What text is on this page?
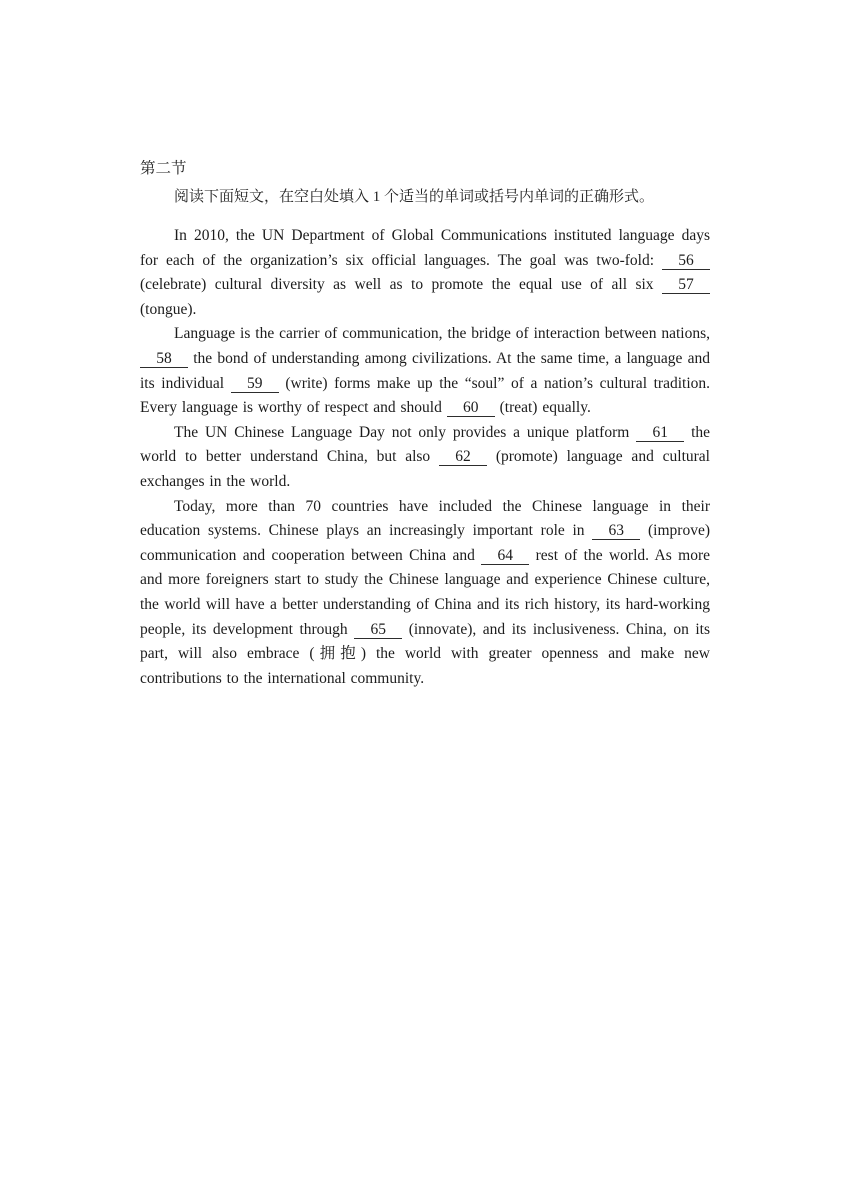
第二节
阅读下面短文，在空白处填入 1 个适当的单词或括号内单词的正确形式。

In 2010, the UN Department of Global Communications instituted language days for each of the organization’s six official languages. The goal was two-fold: 56 (celebrate) cultural diversity as well as to promote the equal use of all six 57 (tongue).

Language is the carrier of communication, the bridge of interaction between nations, 58 the bond of understanding among civilizations. At the same time, a language and its individual 59 (write) forms make up the “soul” of a nation’s cultural tradition. Every language is worthy of respect and should 60 (treat) equally.

The UN Chinese Language Day not only provides a unique platform 61 the world to better understand China, but also 62 (promote) language and cultural exchanges in the world.

Today, more than 70 countries have included the Chinese language in their education systems. Chinese plays an increasingly important role in 63 (improve) communication and cooperation between China and 64 rest of the world. As more and more foreigners start to study the Chinese language and experience Chinese culture, the world will have a better understanding of China and its rich history, its hard-working people, its development through 65 (innovate), and its inclusiveness. China, on its part, will also embrace (拥抱) the world with greater openness and make new contributions to the international community.
